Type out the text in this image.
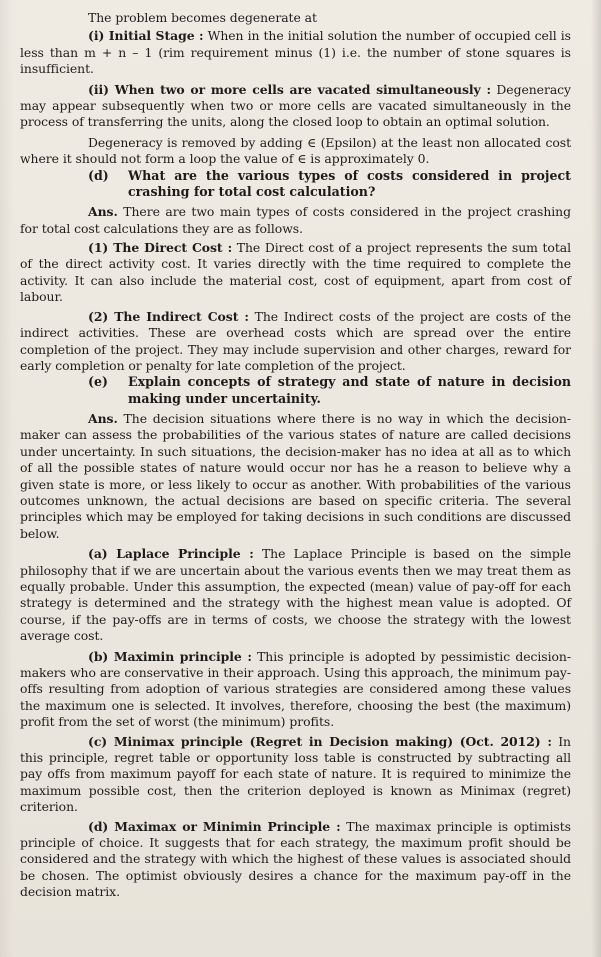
The problem becomes degenerate at

(i) Initial Stage : When in the initial solution the number of occupied cell is less than m + n – 1 (rim requirement minus (1) i.e. the number of stone squares is insufficient.

(ii) When two or more cells are vacated simultaneously : Degeneracy may appear subsequently when two or more cells are vacated simultaneously in the process of transferring the units, along the closed loop to obtain an optimal solution.

Degeneracy is removed by adding ∈ (Epsilon) at the least non allocated cost where it should not form a loop the value of ∈ is approximately 0.

(d)	What are the various types of costs considered in project crashing for total cost calculation?

Ans. There are two main types of costs considered in the project crashing for total cost calculations they are as follows.

(1) The Direct Cost : The Direct cost of a project represents the sum total of the direct activity cost. It varies directly with the time required to complete the activity. It can also include the material cost, cost of equipment, apart from cost of labour.

(2) The Indirect Cost : The Indirect costs of the project are costs of the indirect activities. These are overhead costs which are spread over the entire completion of the project. They may include supervision and other charges, reward for early completion or penalty for late completion of the project.

(e)	Explain concepts of strategy and state of nature in decision making under uncertainity.

Ans. The decision situations where there is no way in which the decision-maker can assess the probabilities of the various states of nature are called decisions under uncertainty. In such situations, the decision-maker has no idea at all as to which of all the possible states of nature would occur nor has he a reason to believe why a given state is more, or less likely to occur as another. With probabilities of the various outcomes unknown, the actual decisions are based on specific criteria. The several principles which may be employed for taking decisions in such conditions are discussed below.

(a) Laplace Principle : The Laplace Principle is based on the simple philosophy that if we are uncertain about the various events then we may treat them as equally probable. Under this assumption, the expected (mean) value of pay-off for each strategy is determined and the strategy with the highest mean value is adopted. Of course, if the pay-offs are in terms of costs, we choose the strategy with the lowest average cost.

(b) Maximin principle : This principle is adopted by pessimistic decision-makers who are conservative in their approach. Using this approach, the minimum pay-offs resulting from adoption of various strategies are considered among these values the maximum one is selected. It involves, therefore, choosing the best (the maximum) profit from the set of worst (the minimum) profits.

(c) Minimax principle (Regret in Decision making) (Oct. 2012) : In this principle, regret table or opportunity loss table is constructed by subtracting all pay offs from maximum payoff for each state of nature. It is required to minimize the maximum possible cost, then the criterion deployed is known as Minimax (regret) criterion.

(d) Maximax or Minimin Principle : The maximax principle is optimists principle of choice. It suggests that for each strategy, the maximum profit should be considered and the strategy with which the highest of these values is associated should be chosen. The optimist obviously desires a chance for the maximum pay-off in the decision matrix.
